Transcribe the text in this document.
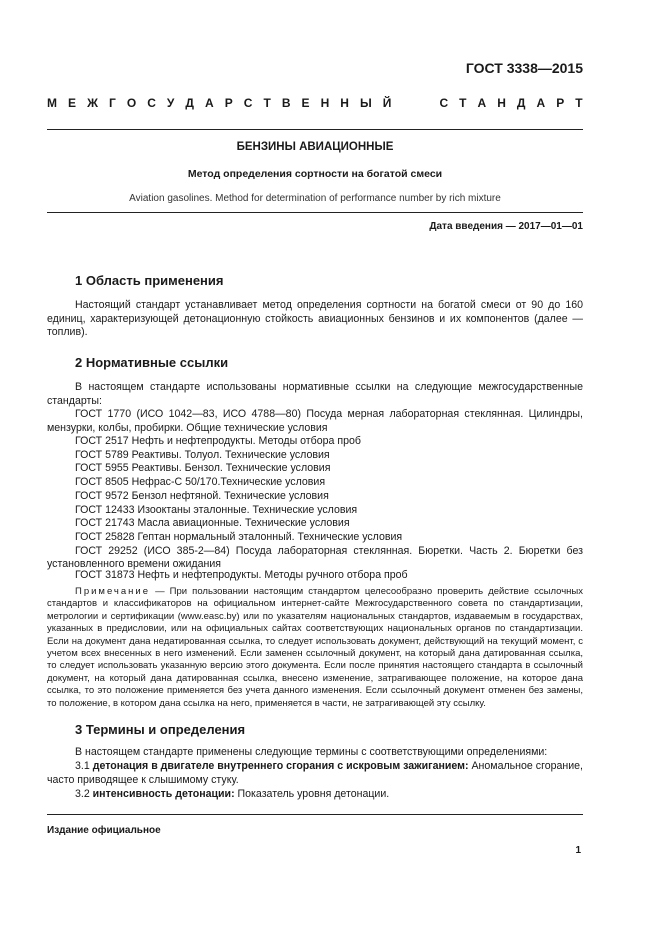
ГОСТ 3338—2015
М Е Ж Г О С У Д А Р С Т В Е Н Н Ы Й	С Т А Н Д А Р Т
БЕНЗИНЫ АВИАЦИОННЫЕ
Метод определения сортности на богатой смеси
Aviation gasolines. Method for determination of performance number by rich mixture
Дата введения — 2017—01—01
1 Область применения
Настоящий стандарт устанавливает метод определения сортности на богатой смеси от 90 до 160 единиц, характеризующей детонационную стойкость авиационных бензинов и их компонентов (далее — топлив).
2 Нормативные ссылки
В настоящем стандарте использованы нормативные ссылки на следующие межгосударственные стандарты:
ГОСТ 1770 (ИСО 1042—83, ИСО 4788—80) Посуда мерная лабораторная стеклянная. Цилиндры, мензурки, колбы, пробирки. Общие технические условия
ГОСТ 2517 Нефть и нефтепродукты. Методы отбора проб
ГОСТ 5789 Реактивы. Толуол. Технические условия
ГОСТ 5955 Реактивы. Бензол. Технические условия
ГОСТ 8505 Нефрас-С 50/170.Технические условия
ГОСТ 9572 Бензол нефтяной. Технические условия
ГОСТ 12433 Изооктаны эталонные. Технические условия
ГОСТ 21743 Масла авиационные. Технические условия
ГОСТ 25828 Гептан нормальный эталонный. Технические условия
ГОСТ 29252 (ИСО 385-2—84) Посуда лабораторная стеклянная. Бюретки. Часть 2. Бюретки без установленного времени ожидания
ГОСТ 31873 Нефть и нефтепродукты. Методы ручного отбора проб
Примечание — При пользовании настоящим стандартом целесообразно проверить действие ссылочных стандартов и классификаторов на официальном интернет-сайте Межгосударственного совета по стандартизации, метрологии и сертификации (www.easc.by) или по указателям национальных стандартов, издаваемым в государствах, указанных в предисловии, или на официальных сайтах соответствующих национальных органов по стандартизации. Если на документ дана недатированная ссылка, то следует использовать документ, действующий на текущий момент, с учетом всех внесенных в него изменений. Если заменен ссылочный документ, на который дана датированная ссылка, то следует использовать указанную версию этого документа. Если после принятия настоящего стандарта в ссылочный документ, на который дана датированная ссылка, внесено изменение, затрагивающее положение, на которое дана ссылка, то это положение применяется без учета данного изменения. Если ссылочный документ отменен без замены, то положение, в котором дана ссылка на него, применяется в части, не затрагивающей эту ссылку.
3 Термины и определения
В настоящем стандарте применены следующие термины с соответствующими определениями:
3.1 детонация в двигателе внутреннего сгорания с искровым зажиганием: Аномальное сгорание, часто приводящее к слышимому стуку.
3.2 интенсивность детонации: Показатель уровня детонации.
Издание официальное
1
